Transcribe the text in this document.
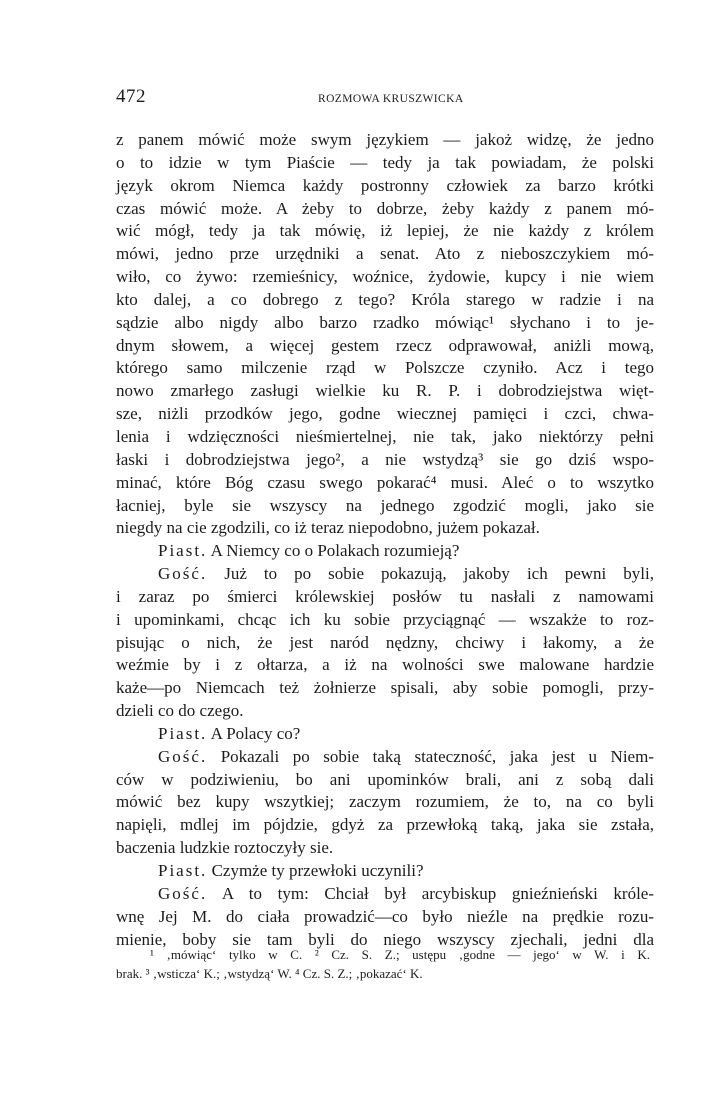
472	ROZMOWA KRUSZWICKA
z panem mówić może swym językiem — jakoż widzę, że jedno
o to idzie w tym Piaście — tedy ja tak powiadam, że polski
język okrom Niemca każdy postronny człowiek za barzo krótki
czas mówić może. A żeby to dobrze, żeby każdy z panem mó-
wić mógł, tedy ja tak mówię, iż lepiej, że nie każdy z królem
mówi, jedno prze urzędniki a senat. Ato z nieboszczykiem mó-
wiło, co żywo: rzemieśnicy, woźnice, żydowie, kupcy i nie wiem
kto dalej, a co dobrego z tego? Króla starego w radzie i na
sądzie albo nigdy albo barzo rzadko mówiąc¹ słychano i to je-
dnym słowem, a więcej gestem rzecz odprawował, aniżli mową,
którego samo milczenie rząd w Polszcze czyniło. Acz i tego
nowo zmarłego zasługi wielkie ku R. P. i dobrodziejstwa więt-
sze, niżli przodków jego, godne wiecznej pamięci i czci, chwa-
lenia i wdzięczności nieśmiertelnej, nie tak, jako niektórzy pełni
łaski i dobrodziejstwa jego², a nie wstydzą³ sie go dziś wspo-
minać, które Bóg czasu swego pokarać⁴ musi. Aleć o to wszytko
łacniej, byle sie wszyscy na jednego zgodzić mogli, jako sie
niegdy na cie zgodzili, co iż teraz niepodobno, jużem pokazał.
Piast. A Niemcy co o Polakach rozumieją?
Gość. Już to po sobie pokazują, jakoby ich pewni byli,
i zaraz po śmierci królewskiej posłów tu nasłali z namowami
i upominkami, chcąc ich ku sobie przyciągnąć — wszakże to roz-
pisując o nich, że jest naród nędzny, chciwy i łakomy, a że
weźmie by i z ołtarza, a iż na wolności swe malowane hardzie
każe—po Niemcach też żołnierze spisali, aby sobie pomogli, przy-
dzieli co do czego.
Piast. A Polacy co?
Gość. Pokazali po sobie taką stateczność, jaka jest u Niem-
ców w podziwieniu, bo ani upominków brali, ani z sobą dali
mówić bez kupy wszytkiej; zaczym rozumiem, że to, na co byli
napięli, mdlej im pójdzie, gdyż za przewłoką taką, jaka sie zstała,
baczenia ludzkie roztoczyły sie.
Piast. Czymże ty przewłoki uczynili?
Gość. A to tym: Chciał był arcybiskup gnieźnieński króle-
wnę Jej M. do ciała prowadzić—co było nieźle na prędkie rozu-
mienie, boby sie tam byli do niego wszyscy zjechali, jedni dla
¹ ‚mówiąc‘ tylko w C. ² Cz. S. Z.; ustępu ‚godne — jego‘ w W. i K.
brak. ³ ‚wsticza‘ K.; ‚wstydzą‘ W. ⁴ Cz. S. Z.; ‚pokazać‘ K.
